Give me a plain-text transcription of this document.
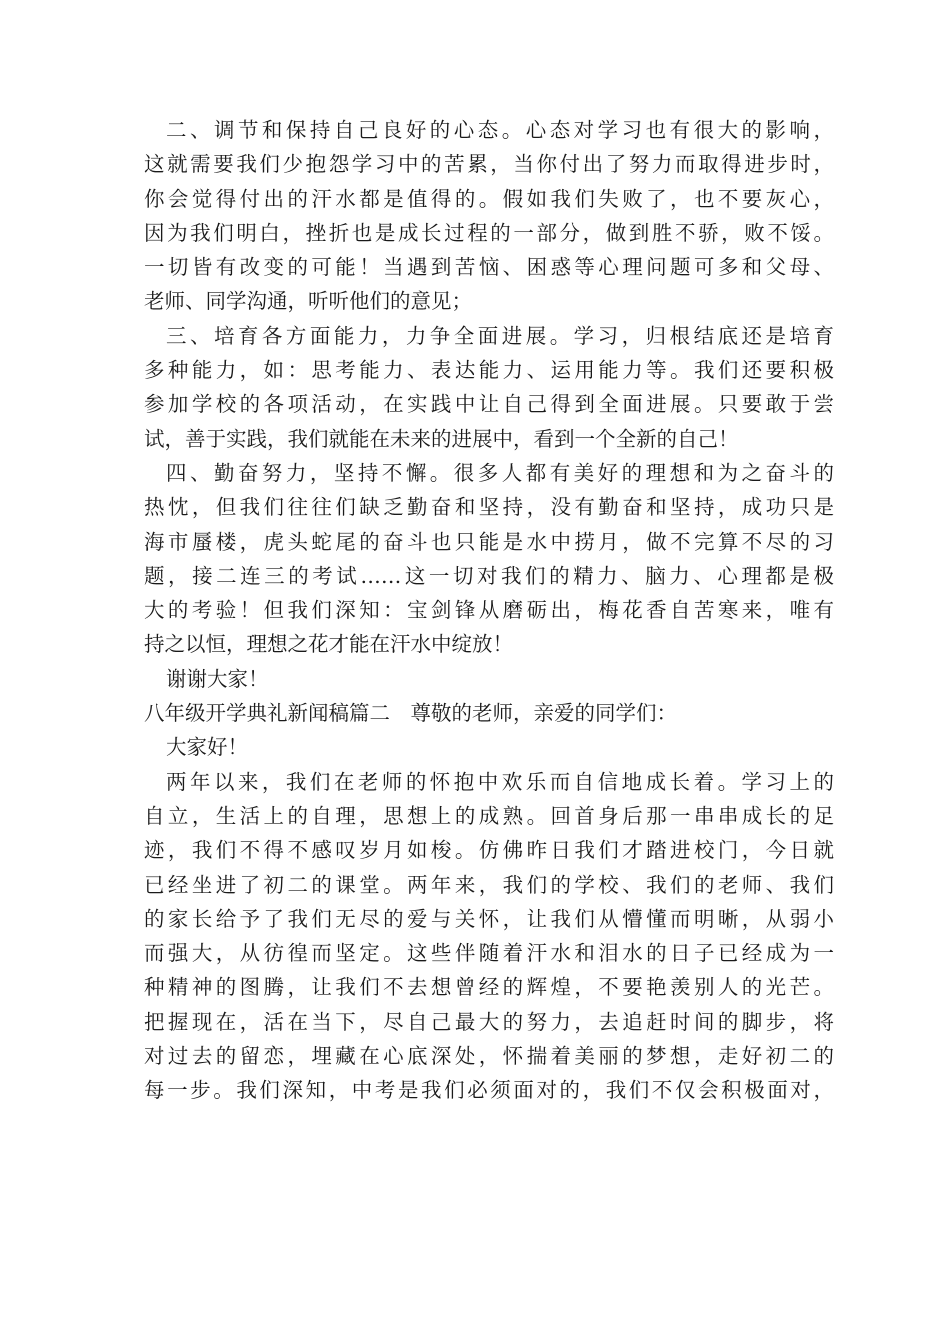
二、调节和保持自己良好的心态。心态对学习也有很大的影响，
这就需要我们少抱怨学习中的苦累，当你付出了努力而取得进步时，
你会觉得付出的汗水都是值得的。假如我们失败了，也不要灰心，
因为我们明白，挫折也是成长过程的一部分，做到胜不骄，败不馁。
一切皆有改变的可能！当遇到苦恼、困惑等心理问题可多和父母、
老师、同学沟通，听听他们的意见；
三、培育各方面能力，力争全面进展。学习，归根结底还是培育
多种能力，如：思考能力、表达能力、运用能力等。我们还要积极
参加学校的各项活动，在实践中让自己得到全面进展。只要敢于尝
试，善于实践，我们就能在未来的进展中，看到一个全新的自己！
四、勤奋努力，坚持不懈。很多人都有美好的理想和为之奋斗的
热忱，但我们往往们缺乏勤奋和坚持，没有勤奋和坚持，成功只是
海市蜃楼，虎头蛇尾的奋斗也只能是水中捞月，做不完算不尽的习
题，接二连三的考试……这一切对我们的精力、脑力、心理都是极
大的考验！但我们深知：宝剑锋从磨砺出，梅花香自苦寒来，唯有
持之以恒，理想之花才能在汗水中绽放！
谢谢大家！
八年级开学典礼新闻稿篇二　尊敬的老师，亲爱的同学们：
大家好！
两年以来，我们在老师的怀抱中欢乐而自信地成长着。学习上的
自立，生活上的自理，思想上的成熟。回首身后那一串串成长的足
迹，我们不得不感叹岁月如梭。仿佛昨日我们才踏进校门，今日就
已经坐进了初二的课堂。两年来，我们的学校、我们的老师、我们
的家长给予了我们无尽的爱与关怀，让我们从懵懂而明晰，从弱小
而强大，从彷徨而坚定。这些伴随着汗水和泪水的日子已经成为一
种精神的图腾，让我们不去想曾经的辉煌，不要艳羡别人的光芒。
把握现在，活在当下，尽自己最大的努力，去追赶时间的脚步，将
对过去的留恋，埋藏在心底深处，怀揣着美丽的梦想，走好初二的
每一步。我们深知，中考是我们必须面对的，我们不仅会积极面对，
